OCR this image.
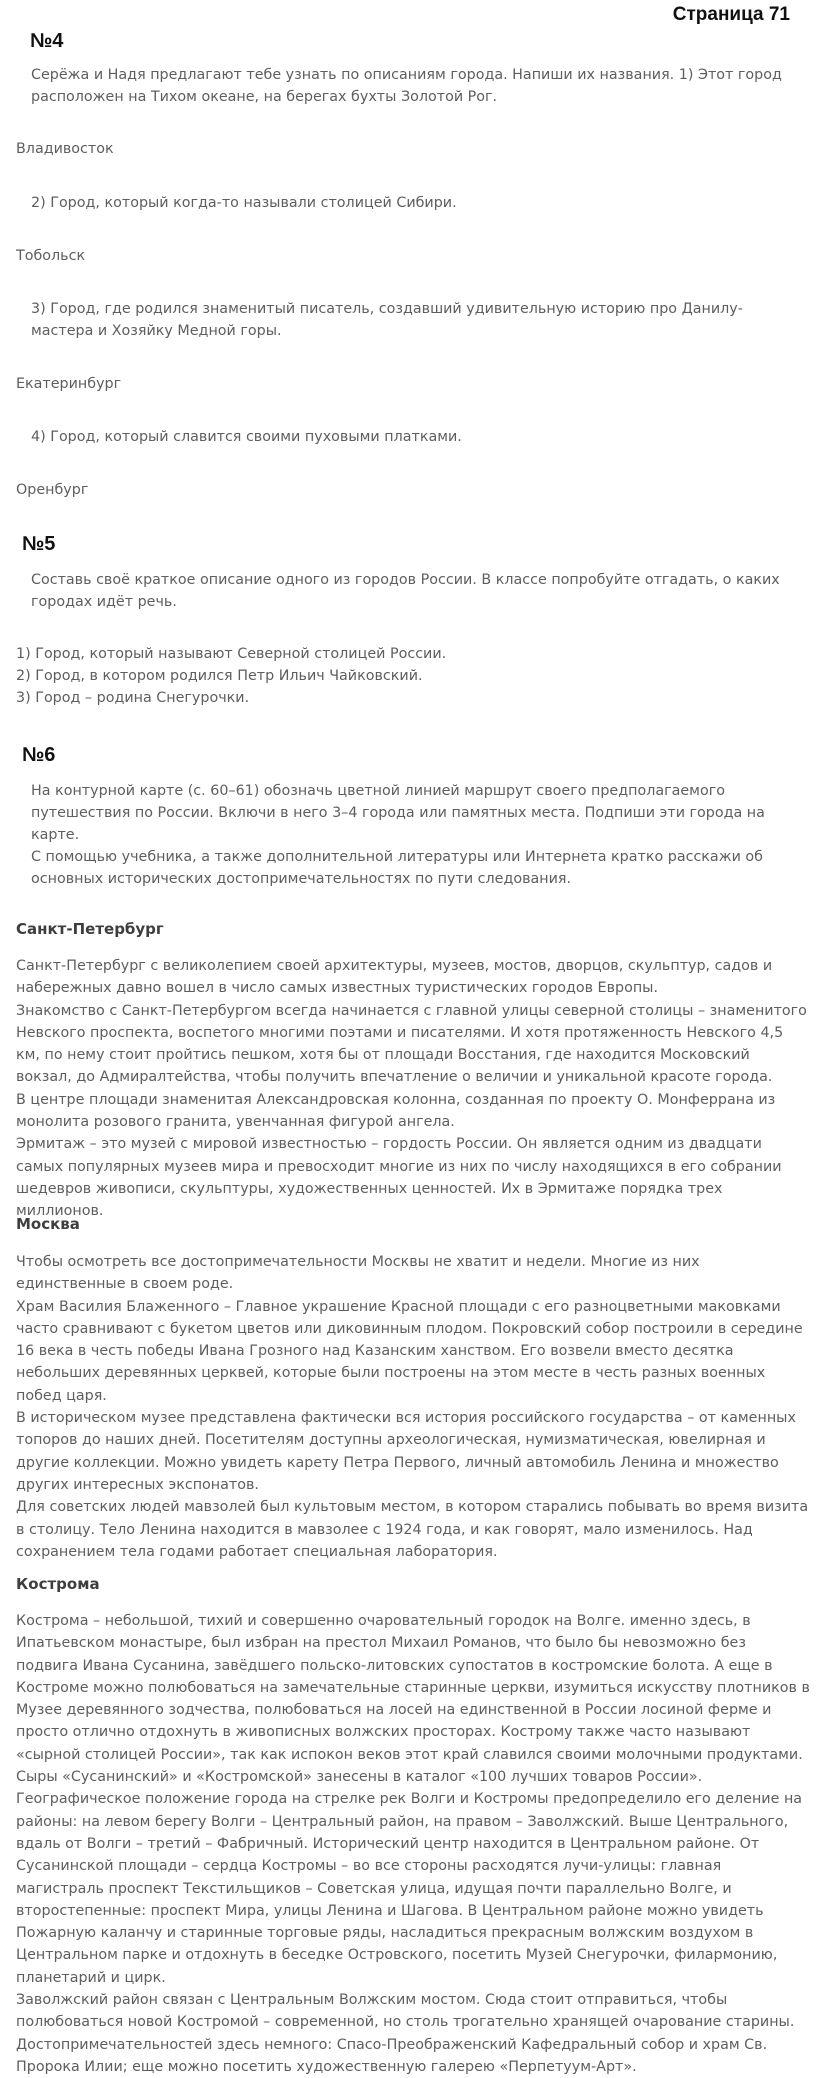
Страница 71
№4

Серёжа и Надя предлагают тебе узнать по описаниям города. Напиши их названия. 1) Этот город расположен на Тихом океане, на берегах бухты Золотой Рог.

Владивосток

2) Город, который когда-то называли столицей Сибири.

Тобольск

3) Город, где родился знаменитый писатель, создавший удивительную историю про Данилу-мастера и Хозяйку Медной горы.

Екатеринбург

4) Город, который славится своими пуховыми платками.

Оренбург

№5

Составь своё краткое описание одного из городов России. В классе попробуйте отгадать, о каких городах идёт речь.

1) Город, который называют Северной столицей России.

2) Город, в котором родился Петр Ильич Чайковский.

3) Город – родина Снегурочки.

№6

На контурной карте (с. 60–61) обозначь цветной линией маршрут своего предполагаемого путешествия по России. Включи в него 3–4 города или памятных места. Подпиши эти города на карте.

С помощью учебника, а также дополнительной литературы или Интернета кратко расскажи об основных исторических достопримечательностях по пути следования.

Санкт-Петербург

Санкт-Петербург с великолепием своей архитектуры, музеев, мостов, дворцов, скульптур, садов и набережных давно вошел в число самых известных туристических городов Европы.

Знакомство с Санкт-Петербургом всегда начинается с главной улицы северной столицы – знаменитого Невского проспекта, воспетого многими поэтами и писателями. И хотя протяженность Невского 4,5 км, по нему стоит пройтись пешком, хотя бы от площади Восстания, где находится Московский вокзал, до Адмиралтейства, чтобы получить впечатление о величии и уникальной красоте города.

В центре площади знаменитая Александровская колонна, созданная по проекту О. Монферрана из монолита розового гранита, увенчанная фигурой ангела.

Эрмитаж – это музей с мировой известностью – гордость России. Он является одним из двадцати самых популярных музеев мира и превосходит многие из них по числу находящихся в его собрании шедевров живописи, скульптуры, художественных ценностей. Их в Эрмитаже порядка трех миллионов.

Москва

Чтобы осмотреть все достопримечательности Москвы не хватит и недели. Многие из них единственные в своем роде.

Храм Василия Блаженного – Главное украшение Красной площади с его разноцветными маковками часто сравнивают с букетом цветов или диковинным плодом. Покровский собор построили в середине 16 века в честь победы Ивана Грозного над Казанским ханством. Его возвели вместо десятка небольших деревянных церквей, которые были построены на этом месте в честь разных военных побед царя.

В историческом музее представлена фактически вся история российского государства – от каменных топоров до наших дней. Посетителям доступны археологическая, нумизматическая, ювелирная и другие коллекции. Можно увидеть карету Петра Первого, личный автомобиль Ленина и множество других интересных экспонатов.

Для советских людей мавзолей был культовым местом, в котором старались побывать во время визита в столицу. Тело Ленина находится в мавзолее с 1924 года, и как говорят, мало изменилось. Над сохранением тела годами работает специальная лаборатория.

Кострома

Кострома – небольшой, тихий и совершенно очаровательный городок на Волге. именно здесь, в Ипатьевском монастыре, был избран на престол Михаил Романов, что было бы невозможно без подвига Ивана Сусанина, завёдшего польско-литовских супостатов в костромские болота. А еще в Костроме можно полюбоваться на замечательные старинные церкви, изумиться искусству плотников в Музее деревянного зодчества, полюбоваться на лосей на единственной в России лосиной ферме и просто отлично отдохнуть в живописных волжских просторах. Кострому также часто называют «сырной столицей России», так как испокон веков этот край славился своими молочными продуктами. Сыры «Сусанинский» и «Костромской» занесены в каталог «100 лучших товаров России».

Географическое положение города на стрелке рек Волги и Костромы предопределило его деление на районы: на левом берегу Волги – Центральный район, на правом – Заволжский. Выше Центрального, вдаль от Волги – третий – Фабричный. Исторический центр находится в Центральном районе. От Сусанинской площади – сердца Костромы – во все стороны расходятся лучи-улицы: главная магистраль проспект Текстильщиков – Советская улица, идущая почти параллельно Волге, и второстепенные: проспект Мира, улицы Ленина и Шагова. В Центральном районе можно увидеть Пожарную каланчу и старинные торговые ряды, насладиться прекрасным волжским воздухом в Центральном парке и отдохнуть в беседке Островского, посетить Музей Снегурочки, филармонию, планетарий и цирк.

Заволжский район связан с Центральным Волжским мостом. Сюда стоит отправиться, чтобы полюбоваться новой Костромой – современной, но столь трогательно хранящей очарование старины.

Достопримечательностей здесь немного: Спасо-Преображенский Кафедральный собор и храм Св. Пророка Илии; еще можно посетить художественную галерею «Перпетуум-Арт».
